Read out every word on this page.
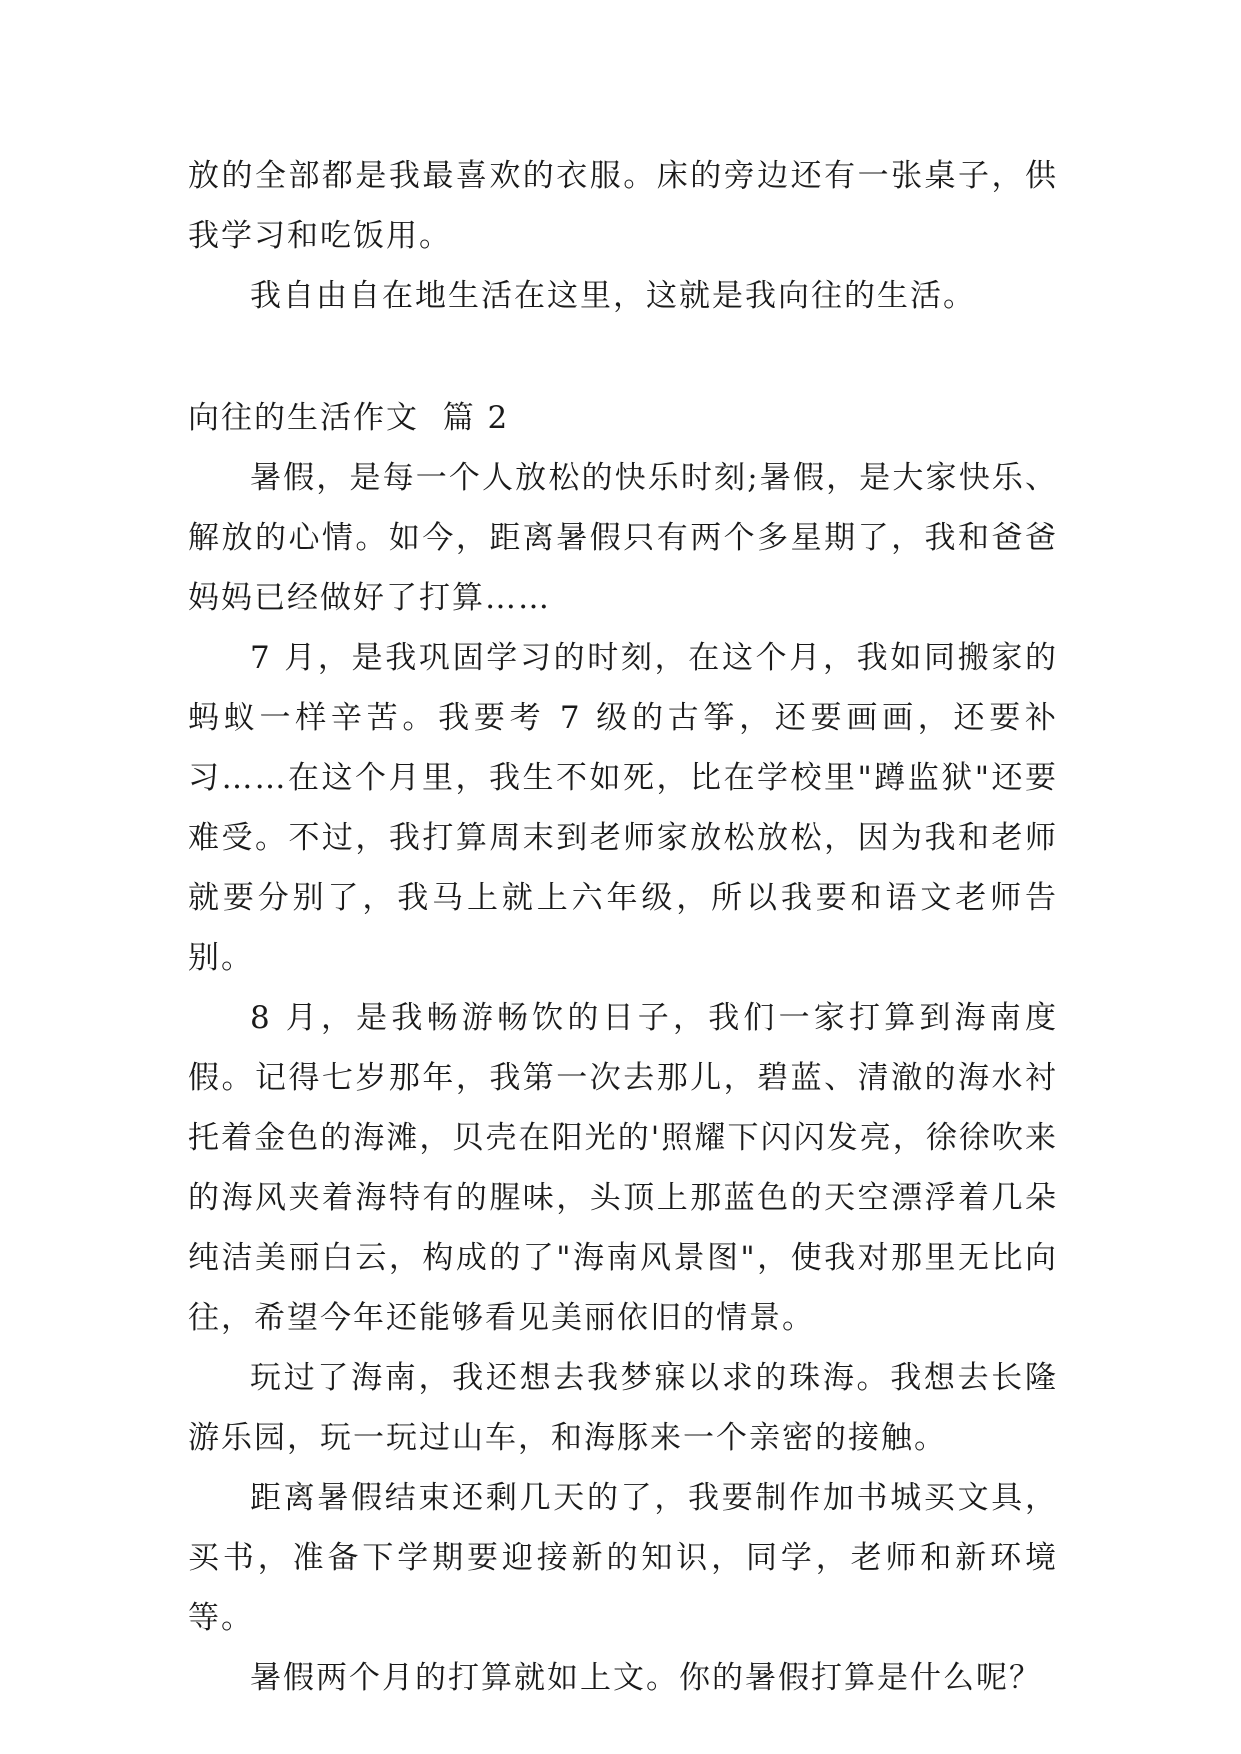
放的全部都是我最喜欢的衣服。床的旁边还有一张桌子，供我学习和吃饭用。

我自由自在地生活在这里，这就是我向往的生活。

向往的生活作文  篇 2

暑假，是每一个人放松的快乐时刻;暑假，是大家快乐、解放的心情。如今，距离暑假只有两个多星期了，我和爸爸妈妈已经做好了打算……

7 月，是我巩固学习的时刻，在这个月，我如同搬家的蚂蚁一样辛苦。我要考 7 级的古筝，还要画画，还要补习……在这个月里，我生不如死，比在学校里"蹲监狱"还要难受。不过，我打算周末到老师家放松放松，因为我和老师就要分别了，我马上就上六年级，所以我要和语文老师告别。

8 月，是我畅游畅饮的日子，我们一家打算到海南度假。记得七岁那年，我第一次去那儿，碧蓝、清澈的海水衬托着金色的海滩，贝壳在阳光的'照耀下闪闪发亮，徐徐吹来的海风夹着海特有的腥味，头顶上那蓝色的天空漂浮着几朵纯洁美丽白云，构成的了"海南风景图"，使我对那里无比向往，希望今年还能够看见美丽依旧的情景。

玩过了海南，我还想去我梦寐以求的珠海。我想去长隆游乐园，玩一玩过山车，和海豚来一个亲密的接触。

距离暑假结束还剩几天的了，我要制作加书城买文具，买书，准备下学期要迎接新的知识，同学，老师和新环境等。

暑假两个月的打算就如上文。你的暑假打算是什么呢？
